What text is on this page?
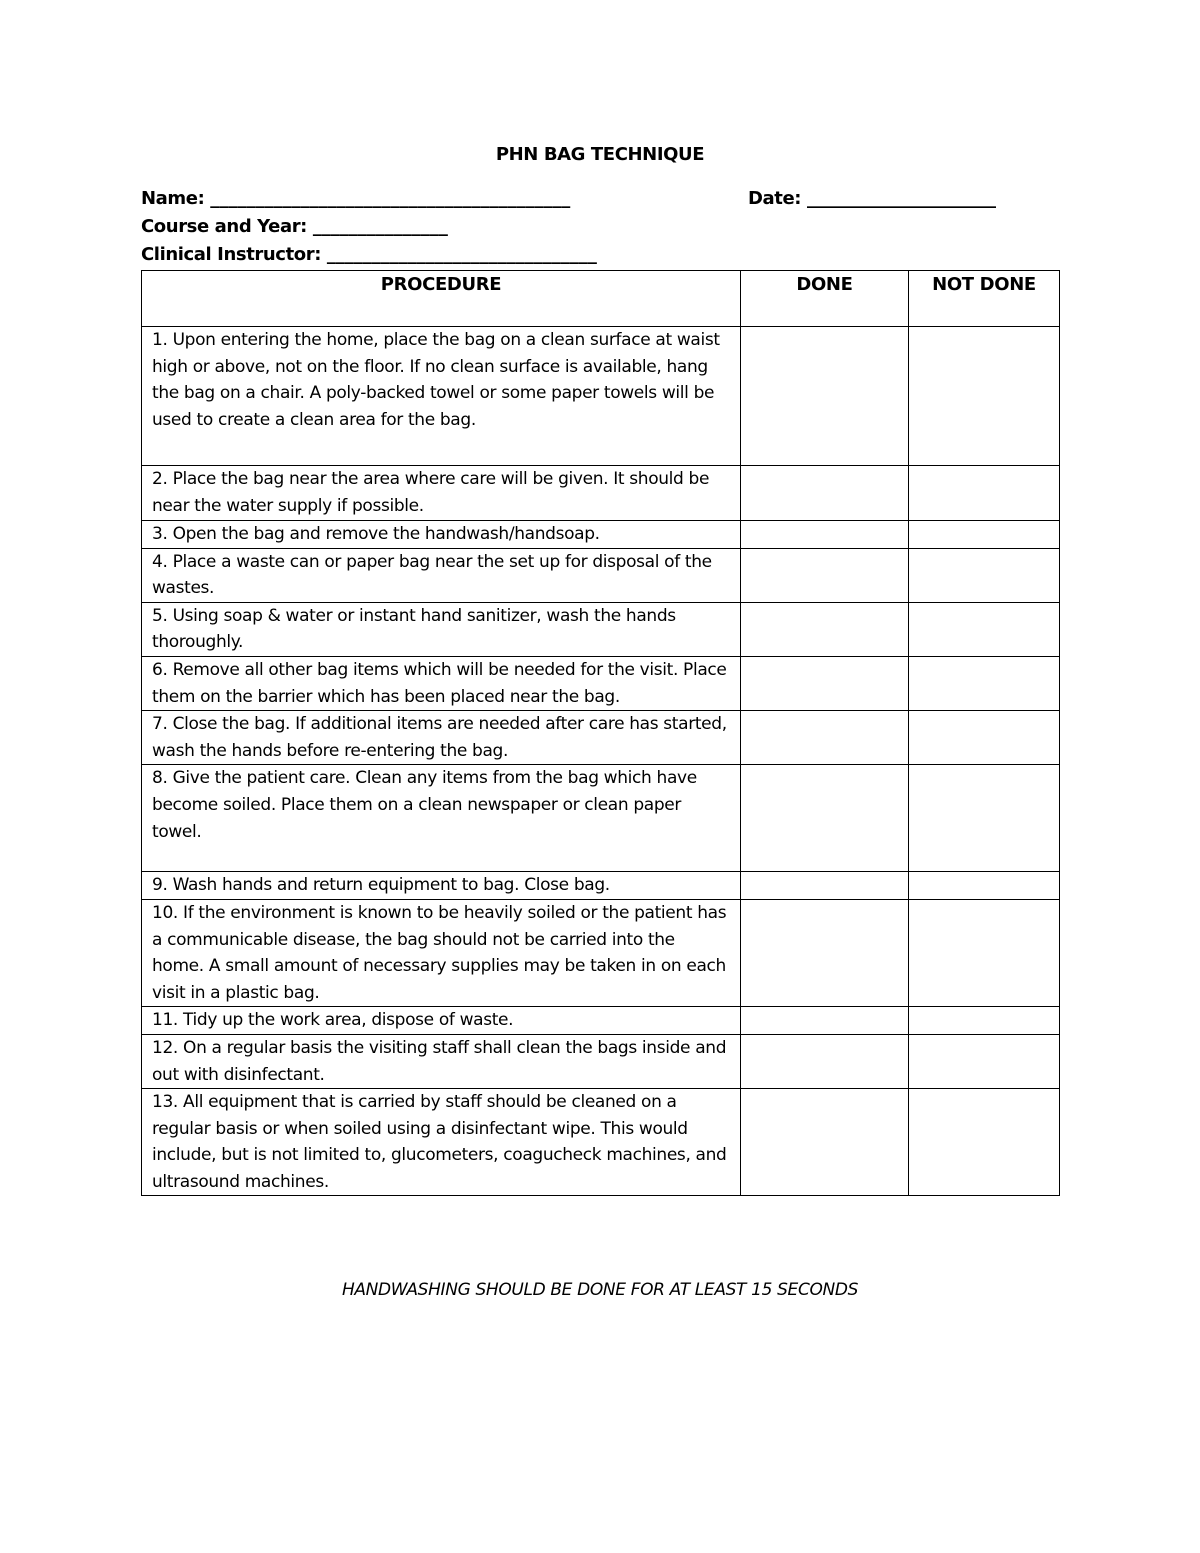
PHN BAG TECHNIQUE
Name: ________________________________________	Date: _____________________
Course and Year: _______________
Clinical Instructor: ______________________________
PROCEDURE	DONE	NOT DONE
1. Upon entering the home, place the bag on a clean surface at waist high or above, not on the floor. If no clean surface is available, hang the bag on a chair. A poly-backed towel or some paper towels will be used to create a clean area for the bag.		
2. Place the bag near the area where care will be given. It should be near the water supply if possible.		
3. Open the bag and remove the handwash/handsoap.		
4. Place a waste can or paper bag near the set up for disposal of the wastes.		
5. Using soap & water or instant hand sanitizer, wash the hands thoroughly.		
6. Remove all other bag items which will be needed for the visit. Place them on the barrier which has been placed near the bag.		
7. Close the bag. If additional items are needed after care has started, wash the hands before re-entering the bag.		
8. Give the patient care. Clean any items from the bag which have become soiled. Place them on a clean newspaper or clean paper towel.		
9. Wash hands and return equipment to bag. Close bag.		
10. If the environment is known to be heavily soiled or the patient has a communicable disease, the bag should not be carried into the home. A small amount of necessary supplies may be taken in on each visit in a plastic bag.		
11. Tidy up the work area, dispose of waste.		
12. On a regular basis the visiting staff shall clean the bags inside and out with disinfectant.		
13. All equipment that is carried by staff should be cleaned on a regular basis or when soiled using a disinfectant wipe. This would include, but is not limited to, glucometers, coagucheck machines, and ultrasound machines.		
HANDWASHING SHOULD BE DONE FOR AT LEAST 15 SECONDS
